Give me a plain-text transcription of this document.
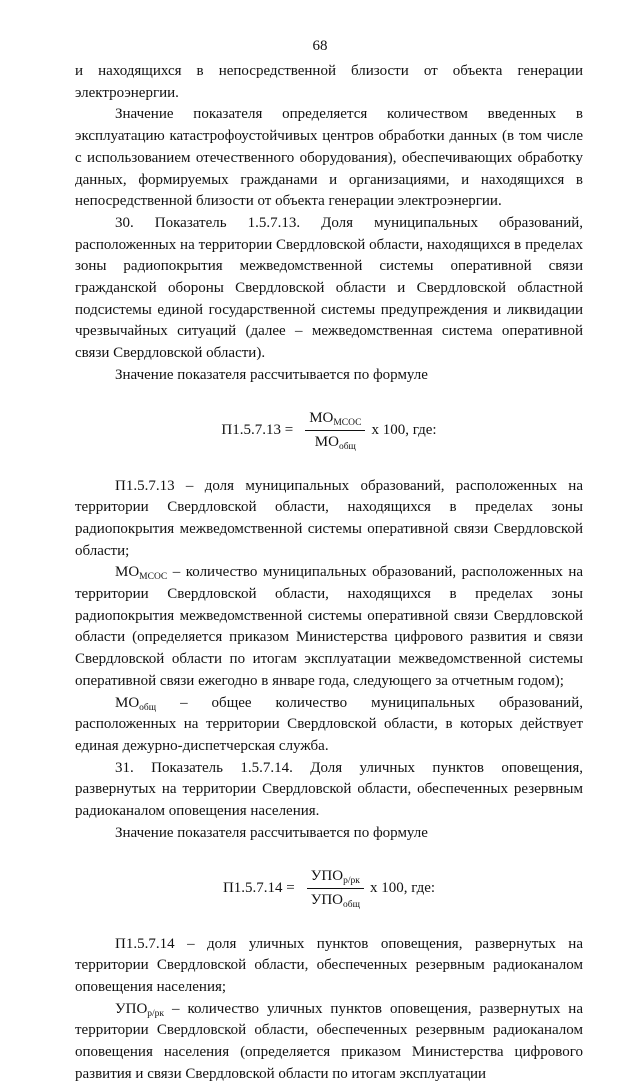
68

и находящихся в непосредственной близости от объекта генерации электроэнергии.

Значение показателя определяется количеством введенных в эксплуатацию катастрофоустойчивых центров обработки данных (в том числе с использованием отечественного оборудования), обеспечивающих обработку данных, формируемых гражданами и организациями, и находящихся в непосредственной близости от объекта генерации электроэнергии.

30. Показатель 1.5.7.13. Доля муниципальных образований, расположенных на территории Свердловской области, находящихся в пределах зоны радиопокрытия межведомственной системы оперативной связи гражданской обороны Свердловской области и Свердловской областной подсистемы единой государственной системы предупреждения и ликвидации чрезвычайных ситуаций (далее – межведомственная система оперативной связи Свердловской области).

Значение показателя рассчитывается по формуле

$П1.5.7.13 = \frac{МО_{МСОС}}{МО_{общ}}$ х 100, где:

П1.5.7.13 – доля муниципальных образований, расположенных на территории Свердловской области, находящихся в пределах зоны радиопокрытия межведомственной системы оперативной связи Свердловской области;

$МО_{МСОС}$ – количество муниципальных образований, расположенных на территории Свердловской области, находящихся в пределах зоны радиопокрытия межведомственной системы оперативной связи Свердловской области (определяется приказом Министерства цифрового развития и связи Свердловской области по итогам эксплуатации межведомственной системы оперативной связи ежегодно в январе года, следующего за отчетным годом);

$МО_{общ}$ – общее количество муниципальных образований, расположенных на территории Свердловской области, в которых действует единая дежурно-диспетчерская служба.

31. Показатель 1.5.7.14. Доля уличных пунктов оповещения, развернутых на территории Свердловской области, обеспеченных резервным радиоканалом оповещения населения.

Значение показателя рассчитывается по формуле

$П1.5.7.14 = \frac{УПО_{р/рк}}{УПО_{общ}}$ х 100, где:

П1.5.7.14 – доля уличных пунктов оповещения, развернутых на территории Свердловской области, обеспеченных резервным радиоканалом оповещения населения;

$УПО_{р/рк}$ – количество уличных пунктов оповещения, развернутых на территории Свердловской области, обеспеченных резервным радиоканалом оповещения населения (определяется приказом Министерства цифрового развития и связи Свердловской области по итогам эксплуатации
